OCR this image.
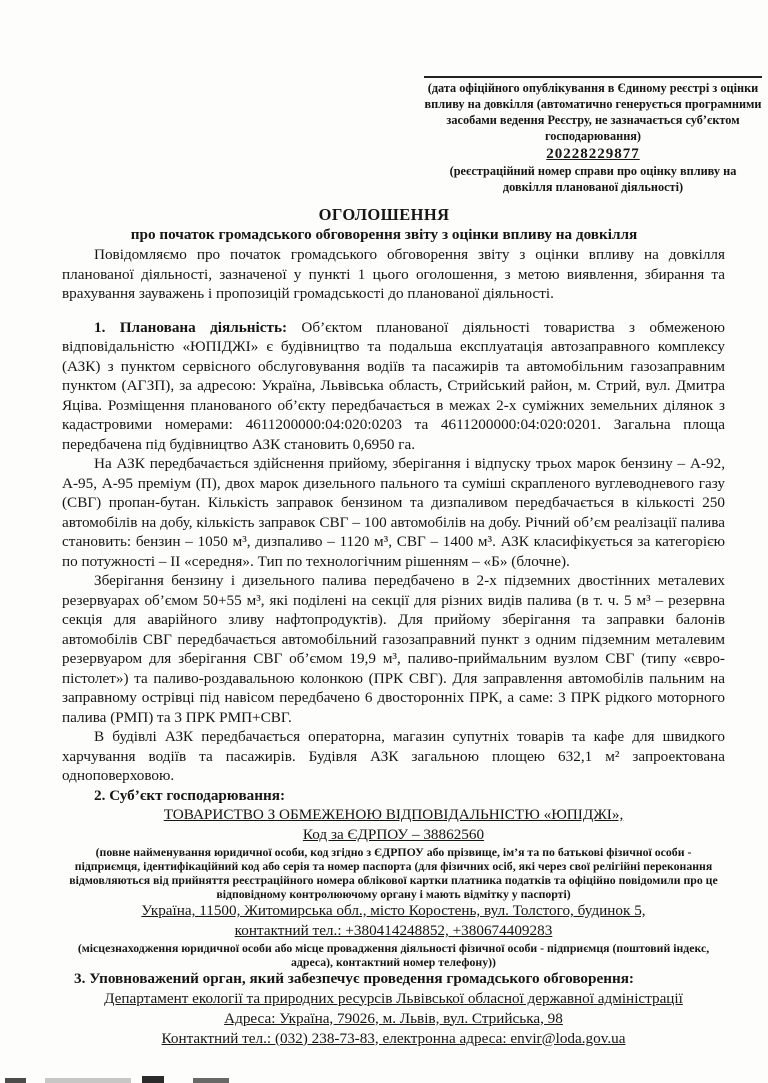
(дата офіційного опублікування в Єдиному реєстрі з оцінки впливу на довкілля (автоматично генерується програмними засобами ведення Реєстру, не зазначається суб’єктом господарювання)
20228229877
(реєстраційний номер справи про оцінку впливу на довкілля планованої діяльності)
ОГОЛОШЕННЯ
про початок громадського обговорення звіту з оцінки впливу на довкілля

Повідомляємо про початок громадського обговорення звіту з оцінки впливу на довкілля планованої діяльності, зазначеної у пункті 1 цього оголошення, з метою виявлення, збирання та врахування зауважень і пропозицій громадськості до планованої діяльності.

1. Планована діяльність: Об’єктом планованої діяльності товариства з обмеженою відповідальністю «ЮПІДЖІ» є будівництво та подальша експлуатація автозаправного комплексу (АЗК) з пунктом сервісного обслуговування водіїв та пасажирів та автомобільним газозаправним пунктом (АГЗП), за адресою: Україна, Львівська область, Стрийський район, м. Стрий, вул. Дмитра Яціва. Розміщення планованого об’єкту передбачається в межах 2-х суміжних земельних ділянок з кадастровими номерами: 4611200000:04:020:0203 та 4611200000:04:020:0201. Загальна площа передбачена під будівництво АЗК становить 0,6950 га.

На АЗК передбачається здійснення прийому, зберігання і відпуску трьох марок бензину – А-92, А-95, А-95 преміум (П), двох марок дизельного пального та суміші скрапленого вуглеводневого газу (СВГ) пропан-бутан. Кількість заправок бензином та дизпаливом передбачається в кількості 250 автомобілів на добу, кількість заправок СВГ – 100 автомобілів на добу. Річний об’єм реалізації палива становить: бензин – 1050 м³, дизпаливо – 1120 м³, СВГ – 1400 м³. АЗК класифікується за категорією по потужності – ІІ «середня». Тип по технологічним рішенням – «Б» (блочне).

Зберігання бензину і дизельного палива передбачено в 2-х підземних двостінних металевих резервуарах об’ємом 50+55 м³, які поділені на секції для різних видів палива (в т. ч. 5 м³ – резервна секція для аварійного зливу нафтопродуктів). Для прийому зберігання та заправки балонів автомобілів СВГ передбачається автомобільний газозаправний пункт з одним підземним металевим резервуаром для зберігання СВГ об’ємом 19,9 м³, паливо-приймальним вузлом СВГ (типу «євро-пістолет») та паливо-роздавальною колонкою (ПРК СВГ). Для заправлення автомобілів пальним на заправному острівці під навісом передбачено 6 двосторонніх ПРК, а саме: 3 ПРК рідкого моторного палива (РМП) та 3 ПРК РМП+СВГ.

В будівлі АЗК передбачається операторна, магазин супутніх товарів та кафе для швидкого харчування водіїв та пасажирів. Будівля АЗК загальною площею 632,1 м² запроектована одноповерховою.

2. Суб’єкт господарювання:
ТОВАРИСТВО З ОБМЕЖЕНОЮ ВІДПОВІДАЛЬНІСТЮ «ЮПІДЖІ»,
Код за ЄДРПОУ – 38862560
(повне найменування юридичної особи, код згідно з ЄДРПОУ або прізвище, ім’я та по батькові фізичної особи - підприємця, ідентифікаційний код або серія та номер паспорта (для фізичних осіб, які через свої релігійні переконання відмовляються від прийняття реєстраційного номера облікової картки платника податків та офіційно повідомили про це відповідному контролюючому органу і мають відмітку у паспорті)
Україна, 11500, Житомирська обл., місто Коростень, вул. Толстого, будинок 5,
контактний тел.: +380414248852, +380674409283
(місцезнаходження юридичної особи або місце провадження діяльності фізичної особи - підприємця (поштовий індекс, адреса), контактний номер телефону))
3. Уповноважений орган, який забезпечує проведення громадського обговорення:
Департамент екології та природних ресурсів Львівської обласної державної адміністрації
Адреса: Україна, 79026, м. Львів, вул. Стрийська, 98
Контактний тел.: (032) 238-73-83, електронна адреса: envir@loda.gov.ua
